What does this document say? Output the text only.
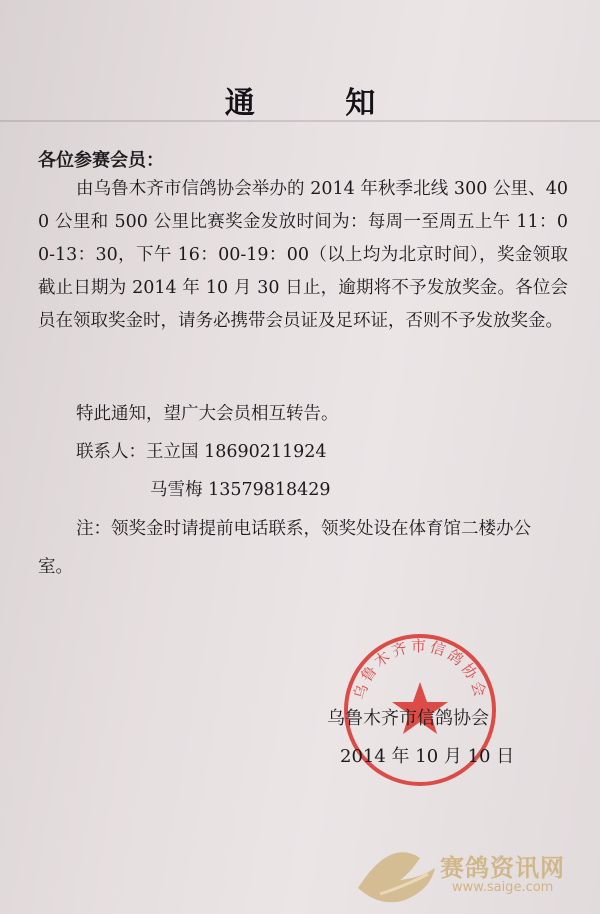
通 知
各位参赛会员：

由乌鲁木齐市信鸽协会举办的 2014 年秋季北线 300 公里、400 公里和 500 公里比赛奖金发放时间为：每周一至周五上午 11：00-13：30，下午 16：00-19：00（以上均为北京时间），奖金领取截止日期为 2014 年 10 月 30 日止，逾期将不予发放奖金。各位会员在领取奖金时，请务必携带会员证及足环证，否则不予发放奖金。

特此通知，望广大会员相互转告。
联系人：王立国 18690211924
马雪梅 13579818429

注：领奖金时请提前电话联系，领奖处设在体育馆二楼办公室。

乌鲁木齐市信鸽协会
乌鲁木齐市信鸽协会
2014 年 10 月 10 日
赛鸽资讯网
www.saige.com
